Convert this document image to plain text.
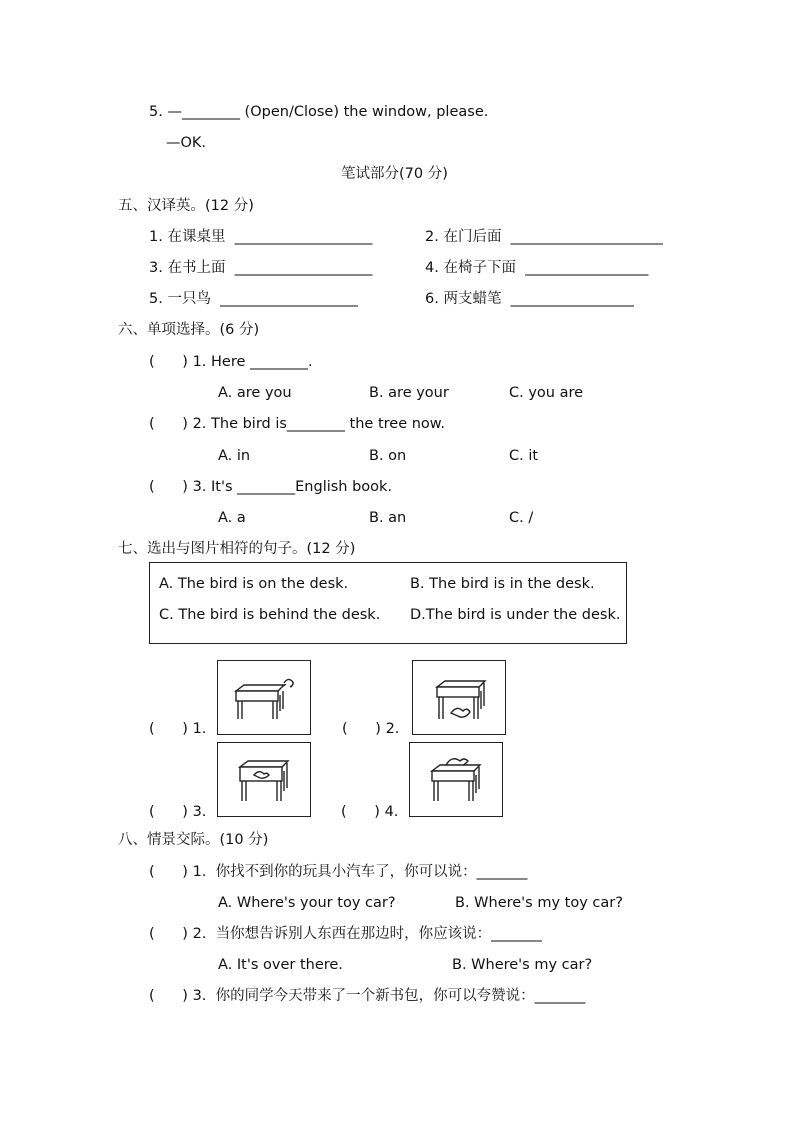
5. —________ (Open/Close) the window, please.
—OK.
笔试部分(70 分)
五、汉译英。(12 分)
1. 在课桌里  ___________________	2. 在门后面  _____________________
3. 在书上面  ___________________	4. 在椅子下面  _________________
5. 一只鸟  ___________________	6. 两支蜡笔  _________________
六、单项选择。(6 分)
(      ) 1. Here ________.
A. are you	B. are your	C. you are
(      ) 2. The bird is________ the tree now.
A. in	B. on	C. it
(      ) 3. It's ________English book.
A. a	B. an	C. /
七、选出与图片相符的句子。(12 分)
A. The bird is on the desk.	B. The bird is in the desk.
C. The bird is behind the desk. D.The bird is under the desk.
(      ) 1.	(      ) 2.
(      ) 3.	(      ) 4.
八、情景交际。(10 分)
(      ) 1.  你找不到你的玩具小汽车了，你可以说：_______
A. Where's your toy car?	B. Where's my toy car?
(      ) 2.  当你想告诉别人东西在那边时，你应该说：_______
A. It's over there.	B. Where's my car?
(      ) 3.  你的同学今天带来了一个新书包，你可以夸赞说：_______
